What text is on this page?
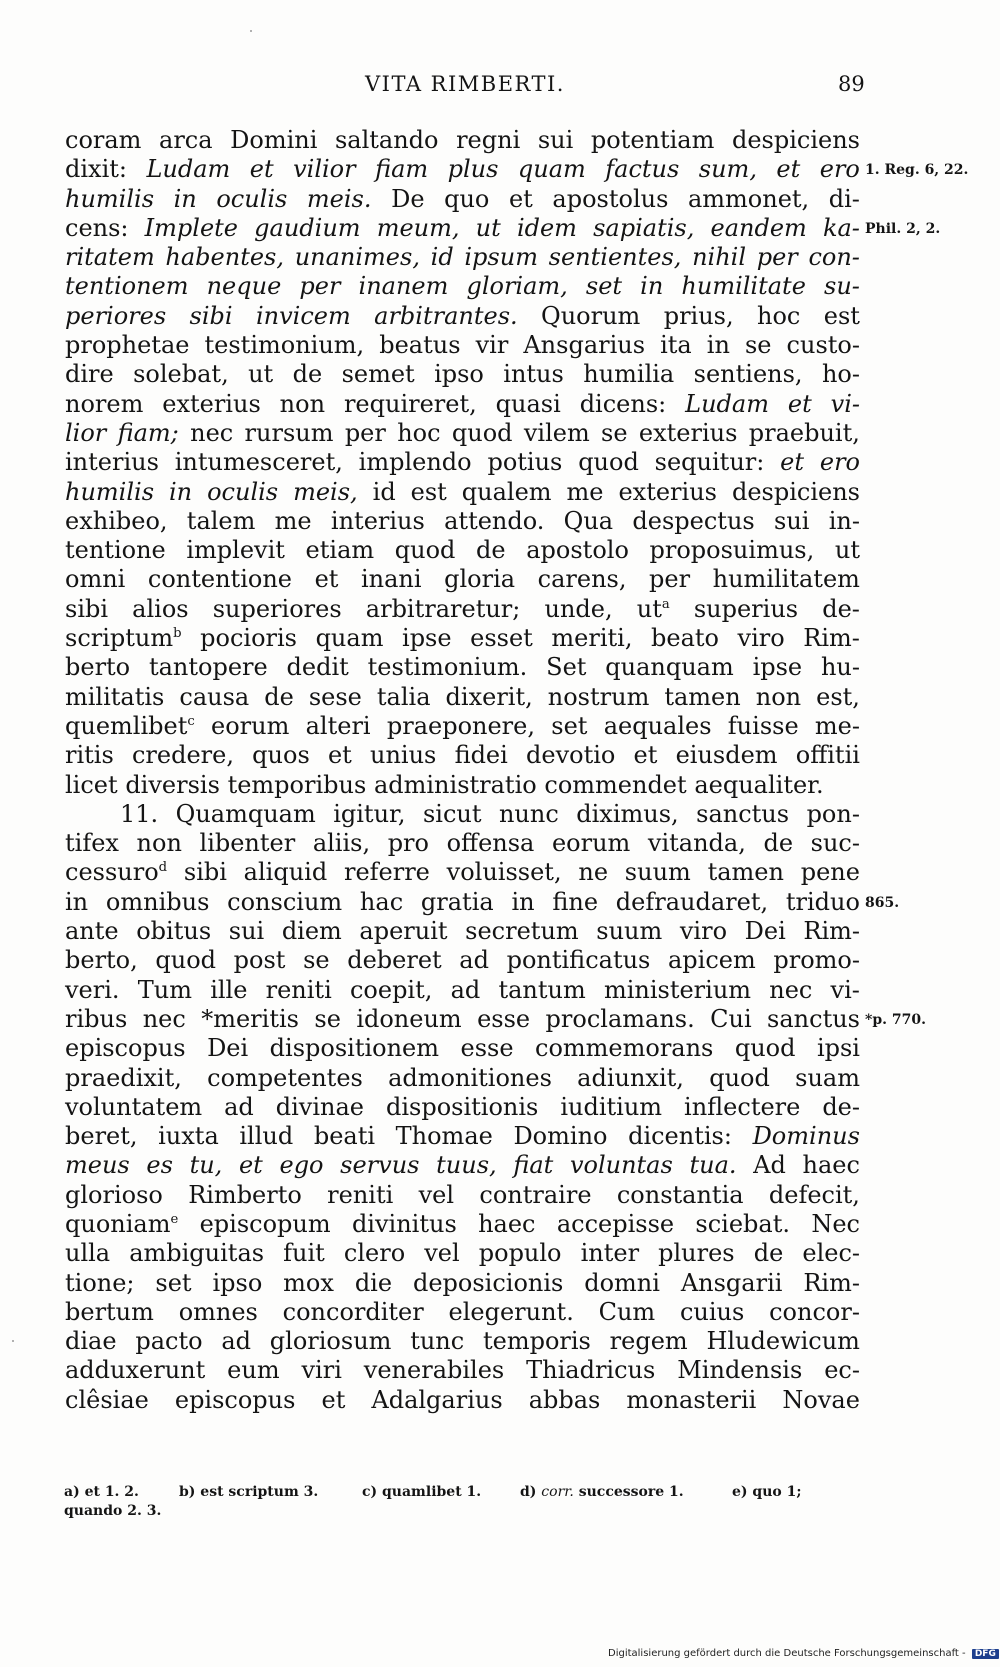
VITA RIMBERTI.	89
coram arca Domini saltando regni sui potentiam despiciens
dixit: Ludam et vilior fiam plus quam factus sum, et ero
humilis in oculis meis. De quo et apostolus ammonet, di-
cens: Implete gaudium meum, ut idem sapiatis, eandem ka-
ritatem habentes, unanimes, id ipsum sentientes, nihil per con-
tentionem neque per inanem gloriam, set in humilitate su-
periores sibi invicem arbitrantes. Quorum prius, hoc est
prophetae testimonium, beatus vir Ansgarius ita in se custo-
dire solebat, ut de semet ipso intus humilia sentiens, ho-
norem exterius non requireret, quasi dicens: Ludam et vi-
lior fiam; nec rursum per hoc quod vilem se exterius praebuit,
interius intumesceret, implendo potius quod sequitur: et ero
humilis in oculis meis, id est qualem me exterius despiciens
exhibeo, talem me interius attendo. Qua despectus sui in-
tentione implevit etiam quod de apostolo proposuimus, ut
omni contentione et inani gloria carens, per humilitatem
sibi alios superiores arbitraretur; unde, $ut^a$ superius de-
scriptum$^b$ pocioris quam ipse esset meriti, beato viro Rim-
berto tantopere dedit testimonium. Set quanquam ipse hu-
militatis causa de sese talia dixerit, nostrum tamen non est,
quemlibet$^c$ eorum alteri praeponere, set aequales fuisse me-
ritis credere, quos et unius fidei devotio et eiusdem offitii
licet diversis temporibus administratio commendet aequaliter.
11. Quamquam igitur, sicut nunc diximus, sanctus pon-
tifex non libenter aliis, pro offensa eorum vitanda, de suc-
cessuro$^d$ sibi aliquid referre voluisset, ne suum tamen pene
in omnibus conscium hac gratia in fine defraudaret, triduo
ante obitus sui diem aperuit secretum suum viro Dei Rim-
berto, quod post se deberet ad pontificatus apicem promo-
veri. Tum ille reniti coepit, ad tantum ministerium nec vi-
ribus nec *meritis se idoneum esse proclamans. Cui sanctus
episcopus Dei dispositionem esse commemorans quod ipsi
praedixit, competentes admonitiones adiunxit, quod suam
voluntatem ad divinae dispositionis iuditium inflectere de-
beret, iuxta illud beati Thomae Domino dicentis: Dominus
meus es tu, et ego servus tuus, fiat voluntas tua. Ad haec
glorioso Rimberto reniti vel contraire constantia defecit,
quoniam$^e$ episcopum divinitus haec accepisse sciebat. Nec
ulla ambiguitas fuit clero vel populo inter plures de elec-
tione; set ipso mox die deposicionis domni Ansgarii Rim-
bertum omnes concorditer elegerunt. Cum cuius concor-
diae pacto ad gloriosum tunc temporis regem Hludewicum
adduxerunt eum viri venerabiles Thiadricus Mindensis ec-
clêsiae episcopus et Adalgarius abbas monasterii Novae
1. Reg. 6, 22.
Phil. 2, 2.
865.
*p. 770.
a) et 1. 2.	b) est scriptum 3.	c) quamlibet 1.	d) corr. successore 1.	e) quo 1;
quando 2. 3.
Digitalisierung gefördert durch die Deutsche Forschungsgemeinschaft - DFG
